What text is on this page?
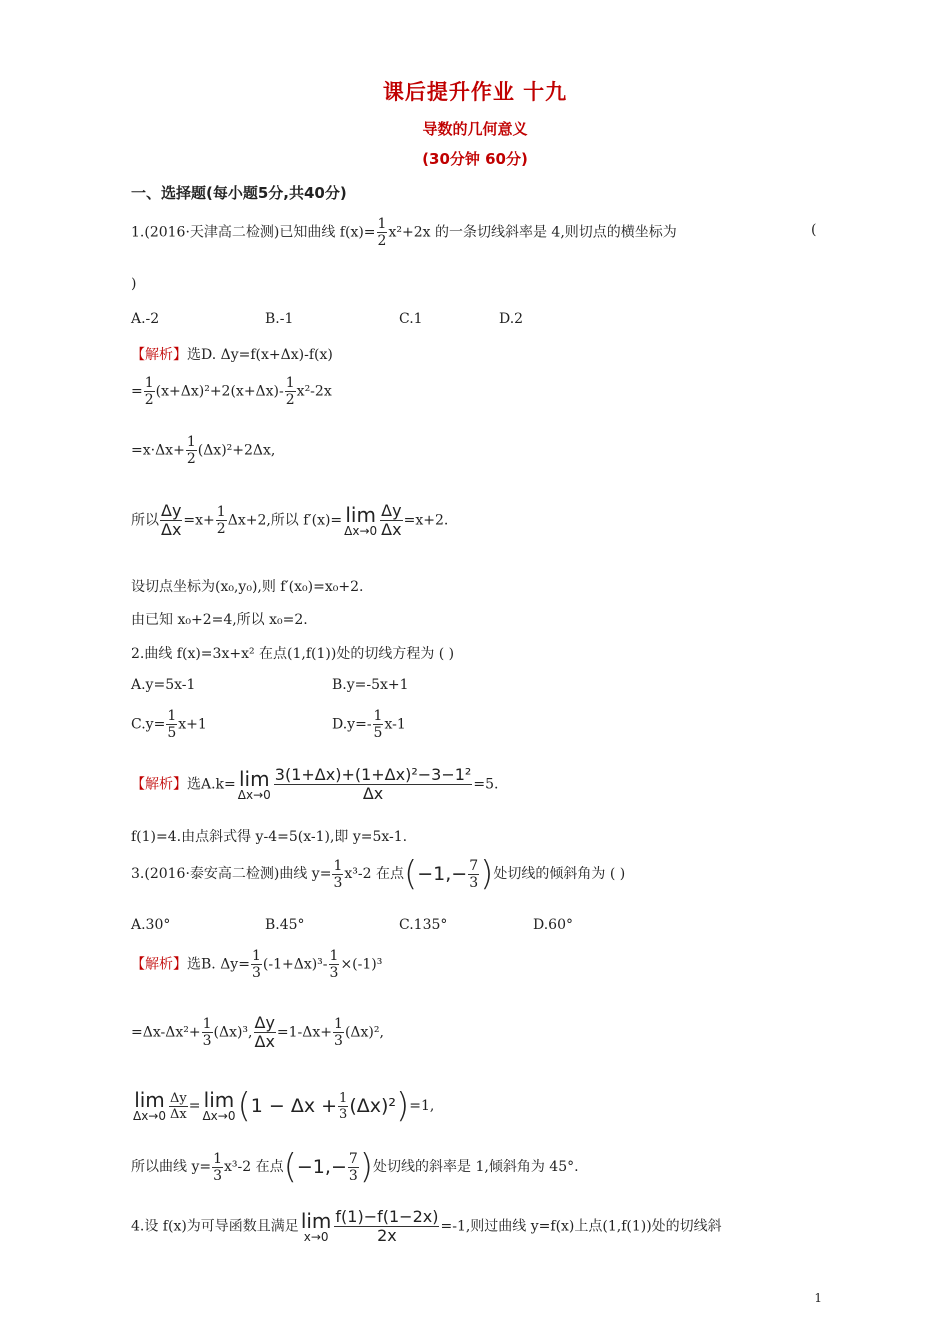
课后提升作业 十九
导数的几何意义
(30分钟 60分)
一、选择题(每小题5分,共40分)
1.(2016·天津高二检测)已知曲线 $f(x)= \frac{1}{2} x^2+2x$ 的一条切线斜率是 4,则切点的横坐标为	(
)
A.-2	B.-1	C.1	D.2
【解析】选D. Δy=f(x+Δx)-f(x)
= $\frac{1}{2} (x+\Delta x)^2+2(x+\Delta x)- \frac{1}{2} x^2-2x$
$=x\cdot\Delta x+ \frac{1}{2} (\Delta x)^2+2\Delta x$,
所以 $\frac{\Delta y}{\Delta x} =x+ \frac{1}{2} \Delta x+2$,所以 f′(x)= lim
$\Delta x\to 0 \frac{\Delta y}{\Delta x} =x+2$.
设切点坐标为(x₀,y₀),则 f′(x₀)=x₀+2.
由已知 x₀+2=4,所以 x₀=2.
2.曲线 f(x)=3x+x² 在点(1,f(1))处的切线方程为 ( )
A.y=5x-1	B.y=-5x+1
$C.y= \frac{1}{5} x+1$	$D.y=- \frac{1}{5} x-1$
【解析】选A.k= lim
$\Delta x\to 0 \frac{\text{3(1+Δx)+(1+Δx)²−3−1²}}{\Delta x} =5$.
f(1)=4.由点斜式得 y-4=5(x-1),即 y=5x-1.
3.(2016·泰安高二检测)曲线 $y= \frac{1}{3} x^3-2$ 在点($-1,- \frac{7}{3}$ )处切线的倾斜角为 ( )
A.30°	B.45°	C.135°	D.60°
【解析】选B. $\Delta y= \frac{1}{3} (-1+\Delta x)^3- \frac{1}{3} \times(-1)^3$
$=\Delta x-\Delta x^2+ \frac{1}{3} (\Delta x)^3$, $\frac{\Delta y}{\Delta x} =1-\Delta x+ \frac{1}{3} (\Delta x)^2$,
lim
$\Delta x\to 0 \frac{\Delta y}{\Delta x} = \lim$
Δx→0 $(1 - \Delta x + \frac{1}{3} (\Delta x)^2)=1$,
所以曲线 $y= \frac{1}{3} x^3-2$ 在点($-1,- \frac{7}{3}$ )处切线的斜率是 1,倾斜角为 45°.
4.设 f(x)为可导函数且满足 lim
$x\to 0 \frac{f(1)-f(1-2x)}{2x} =-1$,则过曲线 y=f(x)上点(1,f(1))处的切线斜
1
